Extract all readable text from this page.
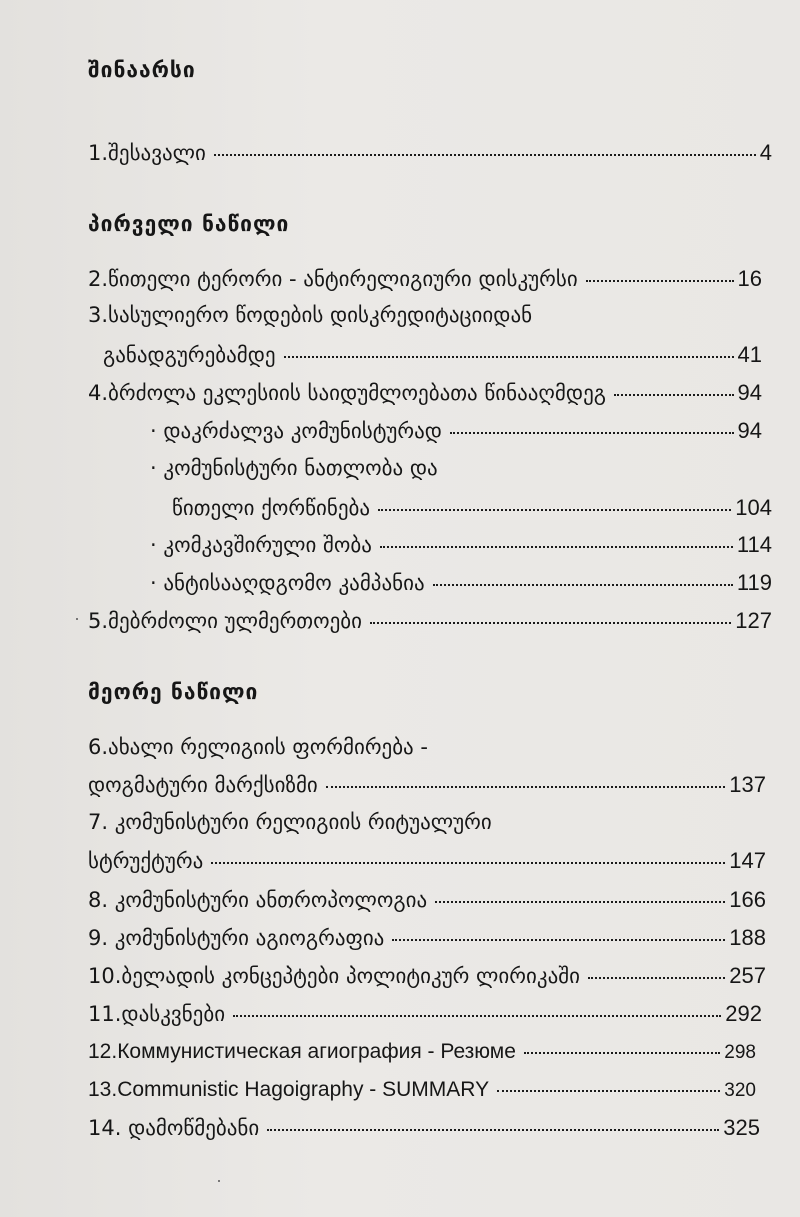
შინაარსი
1.შესავალი	4
პირველი ნაწილი
2.წითელი ტერორი - ანტირელიგიური დისკურსი	16
3.სასულიერო წოდების დისკრედიტაციიდან
განადგურებამდე	41
4.ბრძოლა ეკლესიის საიდუმლოებათა წინააღმდეგ	94
· დაკრძალვა კომუნისტურად	94
· კომუნისტური ნათლობა და
წითელი ქორწინება	104
· კომკავშირული შობა	114
· ანტისააღდგომო კამპანია	119
5.მებრძოლი ულმერთოები	127
მეორე ნაწილი
6.ახალი რელიგიის ფორმირება -
დოგმატური მარქსიზმი	137
7. კომუნისტური რელიგიის რიტუალური
სტრუქტურა	147
8. კომუნისტური ანთროპოლოგია	166
9. კომუნისტური აგიოგრაფია	188
10.ბელადის კონცეპტები პოლიტიკურ ლირიკაში	257
11.დასკვნები	292
12.Коммунистическая агиография - Резюме	298
13.Communistic Hagoigraphy - SUMMARY	320
14. დამოწმებანი	325
